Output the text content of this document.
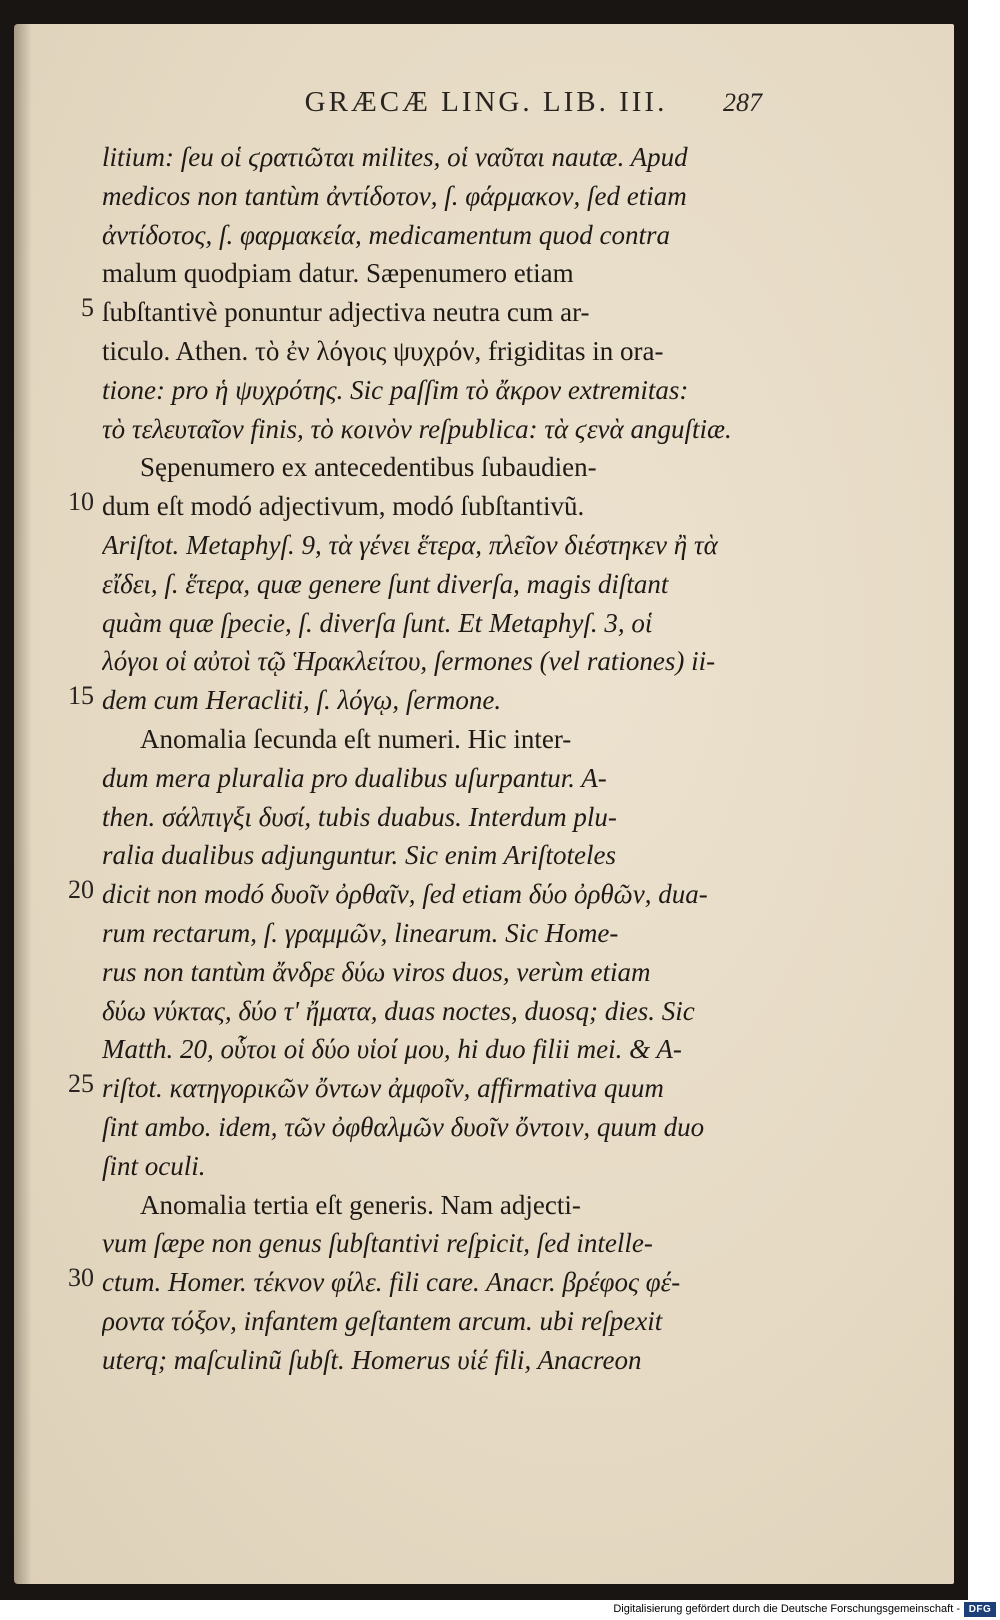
GRÆCÆ LING. LIB. III.	287
litium: ſeu οἱ ϛρατιῶται milites, οἱ ναῦται nautæ. Apud
medicos non tantùm ἀντίδοτον, ſ. φάρμακον, ſed etiam
ἀντίδοτος, ſ. φαρμακεία, medicamentum quod contra
malum quodpiam datur. Sæpenumero etiam
ſubſtantivè ponuntur adjectiva neutra cum ar-
5
ticulo. Athen. τὸ ἐν λόγοις ψυχρόν, frigiditas in ora-
tione: pro ἡ ψυχρότης. Sic paſſim τὸ ἄκρον extremitas:
τὸ τελευταῖον finis, τὸ κοινὸν reſpublica: τὰ ϛενὰ anguſtiæ.
Sępenumero ex antecedentibus ſubaudien-
dum eſt modó adjectivum, modó ſubſtantivũ.
10
Ariſtot. Metaphyſ. 9, τὰ γένει ἕτερα, πλεῖον διέστηκεν ἢ τὰ
εἴδει, ſ. ἕτερα, quæ genere ſunt diverſa, magis diſtant
quàm quæ ſpecie, ſ. diverſa ſunt. Et Metaphyſ. 3, οἱ
λόγοι οἱ αὐτοὶ τῷ Ἡρακλείτου, ſermones (vel rationes) ii-
dem cum Heracliti, ſ. λόγῳ, ſermone.
15
Anomalia ſecunda eſt numeri. Hic inter-
dum mera pluralia pro dualibus uſurpantur. A-
then. σάλπιγξι δυσί, tubis duabus. Interdum plu-
ralia dualibus adjunguntur. Sic enim Ariſtoteles
dicit non modó δυοῖν ὀρθαῖν, ſed etiam δύο ὀρθῶν, dua-
20
rum rectarum, ſ. γραμμῶν, linearum. Sic Home-
rus non tantùm ἄνδρε δύω viros duos, verùm etiam
δύω νύκτας, δύο τ' ἤματα, duas noctes, duosq; dies. Sic
Matth. 20, οὗτοι οἱ δύο υἱοί μου, hi duo filii mei. & A-
riſtot. κατηγορικῶν ὄντων ἀμφοῖν, affirmativa quum
25
ſint ambo. idem, τῶν ὀφθαλμῶν δυοῖν ὄντοιν, quum duo
ſint oculi.
Anomalia tertia eſt generis. Nam adjecti-
vum ſæpe non genus ſubſtantivi reſpicit, ſed intelle-
ctum. Homer. τέκνον φίλε. fili care. Anacr. βρέφος φέ-
30
ροντα τόξον, infantem geſtantem arcum. ubi reſpexit
uterq; maſculinũ ſubſt. Homerus υἱέ fili, Anacreon
Digitalisierung gefördert durch die Deutsche Forschungsgemeinschaft - DFG
